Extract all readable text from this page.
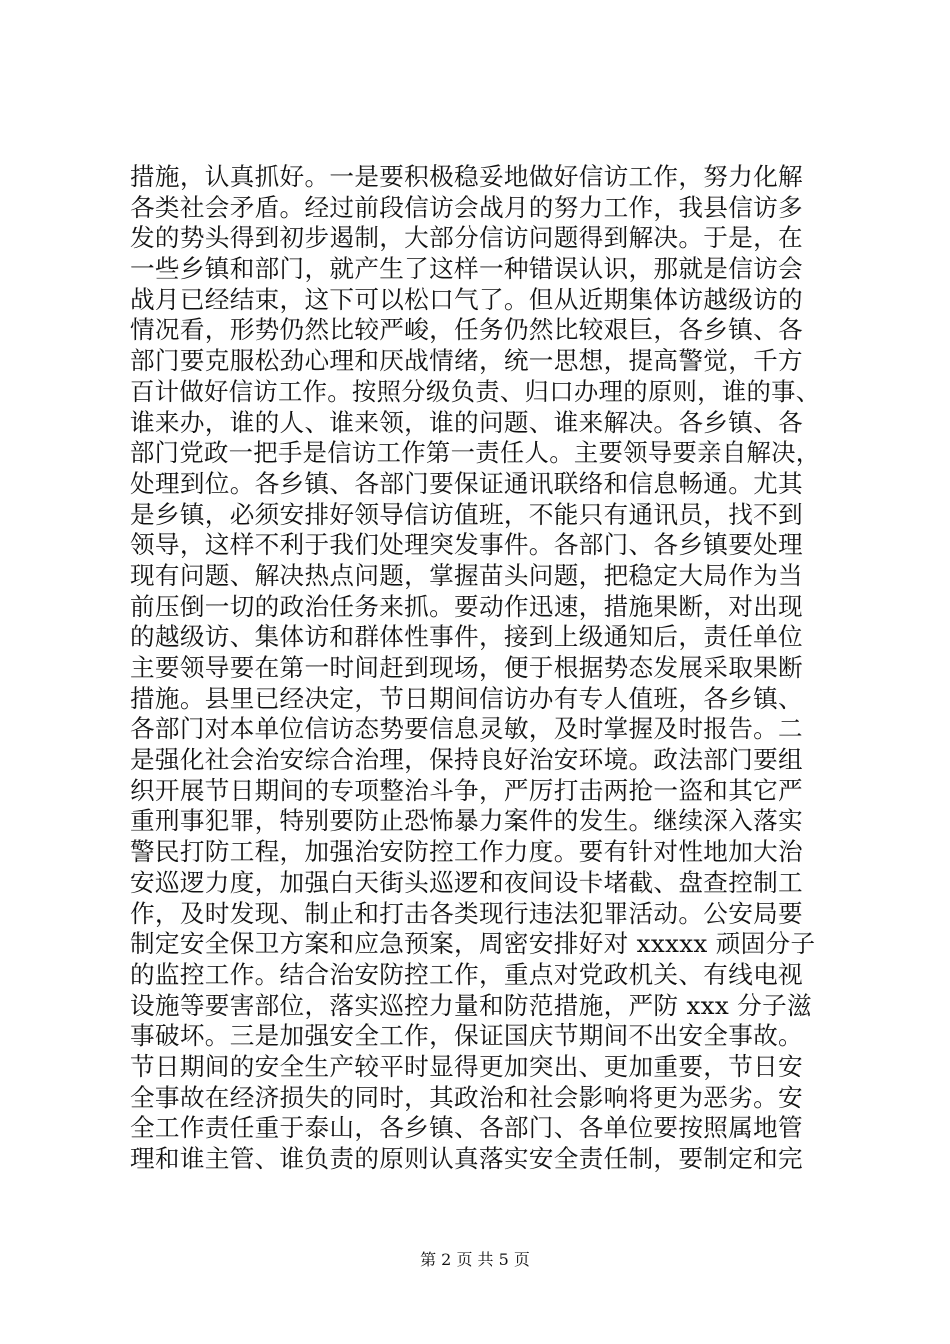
措施，认真抓好。一是要积极稳妥地做好信访工作，努力化解
各类社会矛盾。经过前段信访会战月的努力工作，我县信访多
发的势头得到初步遏制，大部分信访问题得到解决。于是，在
一些乡镇和部门，就产生了这样一种错误认识，那就是信访会
战月已经结束，这下可以松口气了。但从近期集体访越级访的
情况看，形势仍然比较严峻，任务仍然比较艰巨，各乡镇、各
部门要克服松劲心理和厌战情绪，统一思想，提高警觉，千方
百计做好信访工作。按照分级负责、归口办理的原则，谁的事、
谁来办，谁的人、谁来领，谁的问题、谁来解决。各乡镇、各
部门党政一把手是信访工作第一责任人。主要领导要亲自解决，
处理到位。各乡镇、各部门要保证通讯联络和信息畅通。尤其
是乡镇，必须安排好领导信访值班，不能只有通讯员，找不到
领导，这样不利于我们处理突发事件。各部门、各乡镇要处理
现有问题、解决热点问题，掌握苗头问题，把稳定大局作为当
前压倒一切的政治任务来抓。要动作迅速，措施果断，对出现
的越级访、集体访和群体性事件，接到上级通知后，责任单位
主要领导要在第一时间赶到现场，便于根据势态发展采取果断
措施。县里已经决定，节日期间信访办有专人值班，各乡镇、
各部门对本单位信访态势要信息灵敏，及时掌握及时报告。二
是强化社会治安综合治理，保持良好治安环境。政法部门要组
织开展节日期间的专项整治斗争，严厉打击两抢一盗和其它严
重刑事犯罪，特别要防止恐怖暴力案件的发生。继续深入落实
警民打防工程，加强治安防控工作力度。要有针对性地加大治
安巡逻力度，加强白天街头巡逻和夜间设卡堵截、盘查控制工
作，及时发现、制止和打击各类现行违法犯罪活动。公安局要
制定安全保卫方案和应急预案，周密安排好对 xxxxx 顽固分子
的监控工作。结合治安防控工作，重点对党政机关、有线电视
设施等要害部位，落实巡控力量和防范措施，严防 xxx 分子滋
事破坏。三是加强安全工作，保证国庆节期间不出安全事故。
节日期间的安全生产较平时显得更加突出、更加重要，节日安
全事故在经济损失的同时，其政治和社会影响将更为恶劣。安
全工作责任重于泰山，各乡镇、各部门、各单位要按照属地管
理和谁主管、谁负责的原则认真落实安全责任制，要制定和完
第 2 页 共 5 页
